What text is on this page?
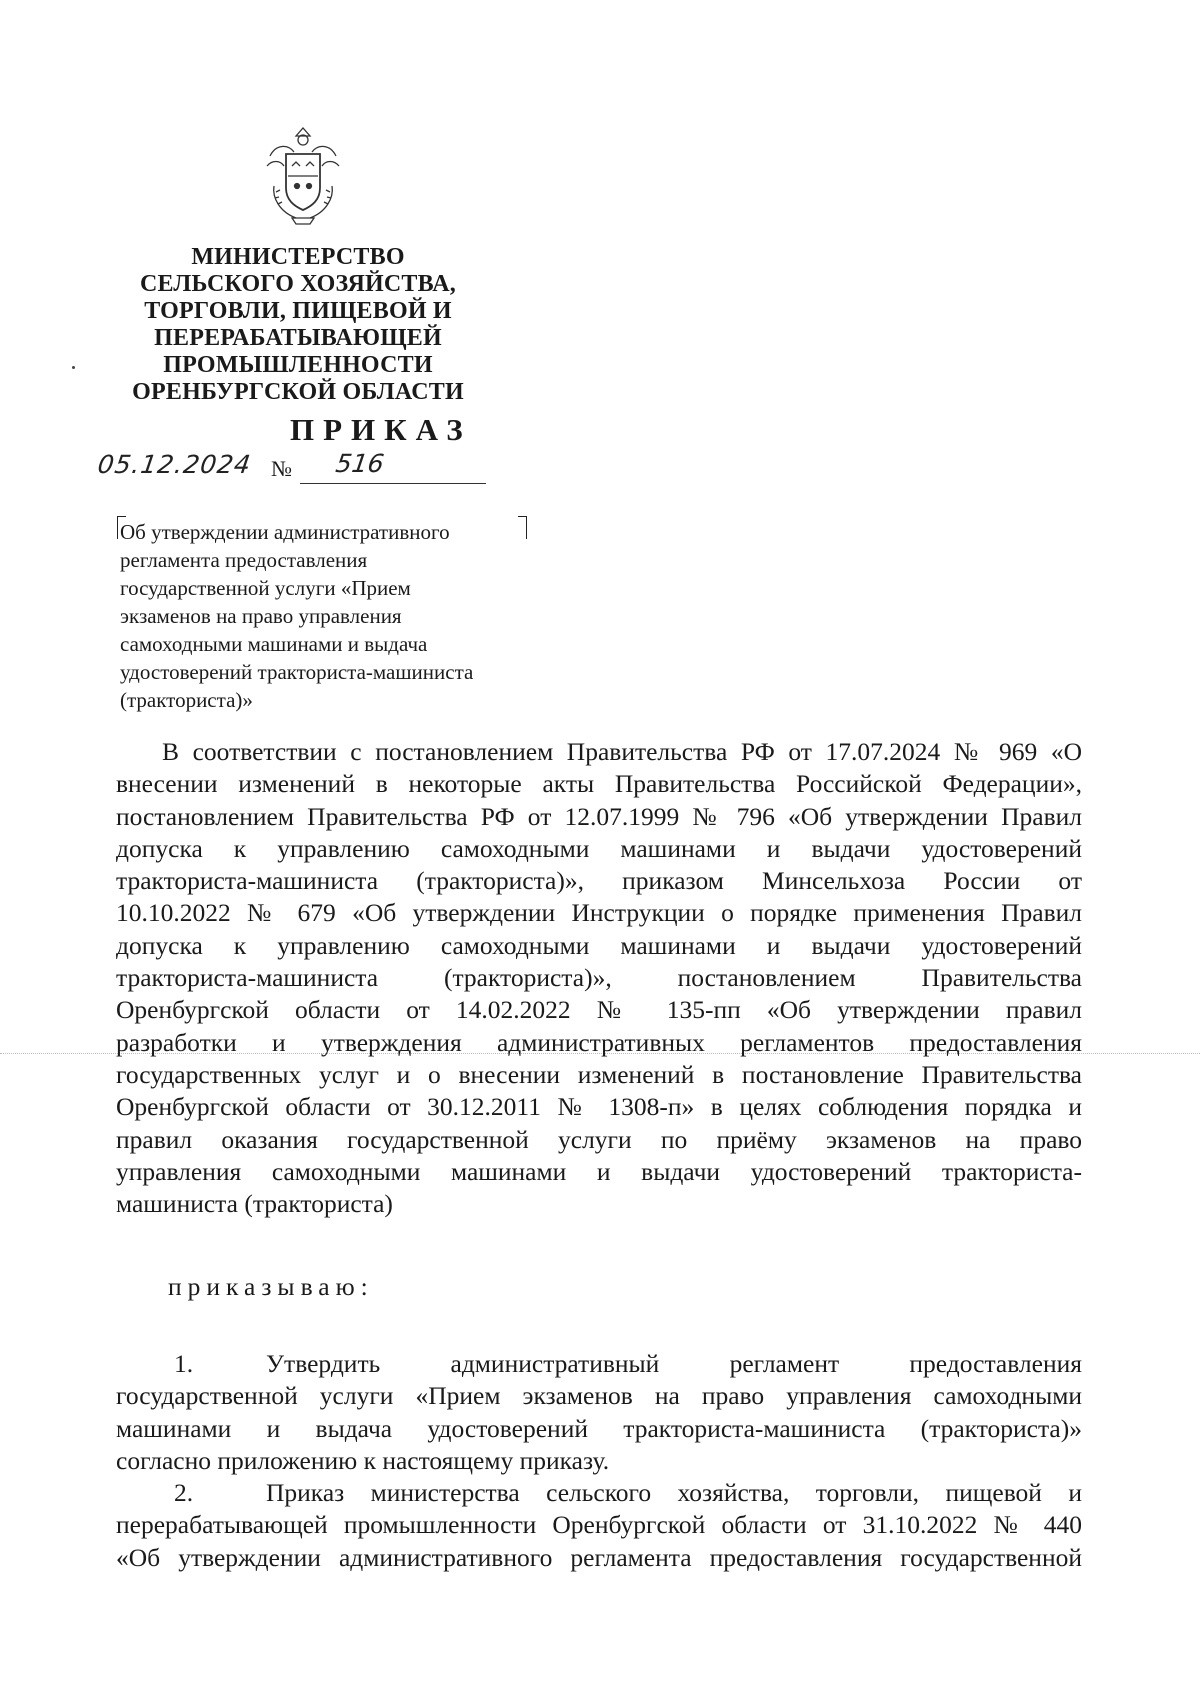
МИНИСТЕРСТВО
СЕЛЬСКОГО ХОЗЯЙСТВА,
ТОРГОВЛИ, ПИЩЕВОЙ И
ПЕРЕРАБАТЫВАЮЩЕЙ
ПРОМЫШЛЕННОСТИ
ОРЕНБУРГСКОЙ ОБЛАСТИ
ПРИКАЗ
05.12.2024 № 516
Об утверждении административного
регламента предоставления
государственной услуги «Прием
экзаменов на право управления
самоходными машинами и выдача
удостоверений тракториста-машиниста
(тракториста)»
В соответствии с постановлением Правительства РФ от 17.07.2024 № 969 «О
внесении изменений в некоторые акты Правительства Российской Федерации»,
постановлением Правительства РФ от 12.07.1999 № 796 «Об утверждении Правил
допуска к управлению самоходными машинами и выдачи удостоверений
тракториста-машиниста (тракториста)», приказом Минсельхоза России от
10.10.2022 № 679 «Об утверждении Инструкции о порядке применения Правил
допуска к управлению самоходными машинами и выдачи удостоверений
тракториста-машиниста (тракториста)», постановлением Правительства
Оренбургской области от 14.02.2022 № 135-пп «Об утверждении правил
разработки и утверждения административных регламентов предоставления
государственных услуг и о внесении изменений в постановление Правительства
Оренбургской области от 30.12.2011 № 1308-п» в целях соблюдения порядка и
правил оказания государственной услуги по приёму экзаменов на право
управления самоходными машинами и выдачи удостоверений тракториста-
машиниста (тракториста)
приказываю:
1.	Утвердить административный регламент предоставления
государственной услуги «Прием экзаменов на право управления самоходными
машинами и выдача удостоверений тракториста-машиниста (тракториста)»
согласно приложению к настоящему приказу.
2.	Приказ министерства сельского хозяйства, торговли, пищевой и
перерабатывающей промышленности Оренбургской области от 31.10.2022 № 440
«Об утверждении административного регламента предоставления государственной
